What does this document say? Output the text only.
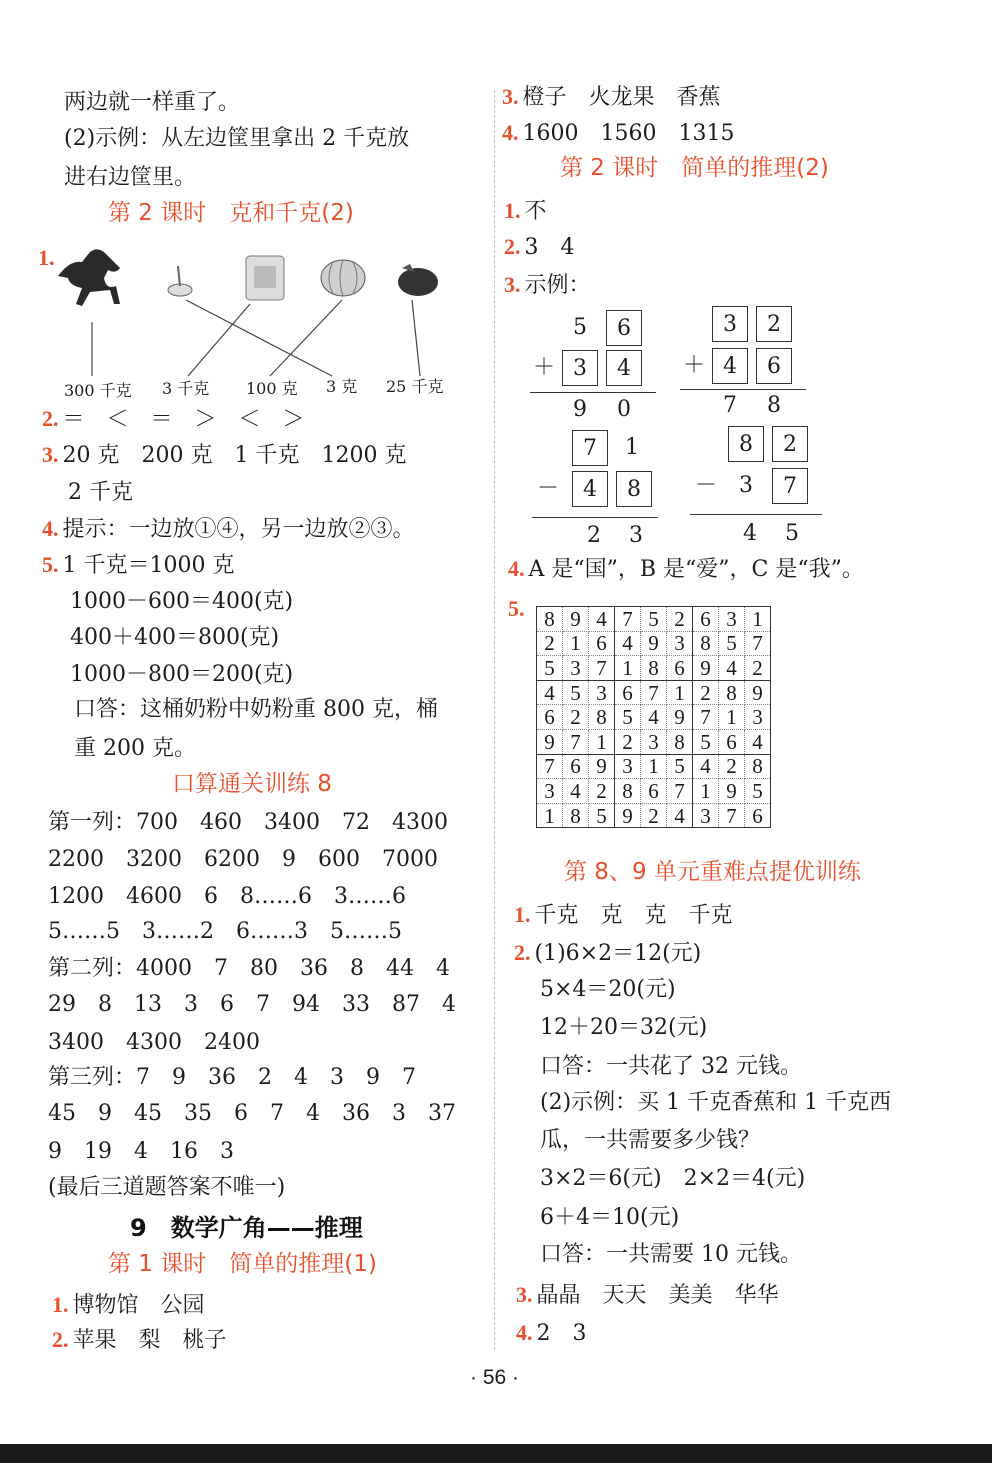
两边就一样重了。
(2)示例：从左边筐里拿出 2 千克放
进右边筐里。
第 2 课时　克和千克(2)
1.
300 千克 3 千克 100 克 3 克 25 千克
2. ＝　＜　＝　＞　＜　＞
3. 20 克　200 克　1 千克　1200 克
2 千克
4. 提示：一边放①④，另一边放②③。
5. 1 千克＝1000 克
1000－600＝400(克)
400＋400＝800(克)
1000－800＝200(克)
口答：这桶奶粉中奶粉重 800 克，桶
重 200 克。
口算通关训练 8
第一列：700　460　3400　72　4300
2200　3200　6200　9　600　7000
1200　4600　6　8……6　3……6
5……5　3……2　6……3　5……5
第二列：4000　7　80　36　8　44　4
29　8　13　3　6　7　94　33　87　4
3400　4300　2400
第三列：7　9　36　2　4　3　9　7
45　9　45　35　6　7　4　36　3　37
9　19　4　16　3
(最后三道题答案不唯一)
9　数学广角——推理
第 1 课时　简单的推理(1)
1. 博物馆　公园
2. 苹果　梨　桃子
3. 橙子　火龙果　香蕉
4. 1600　1560　1315
第 2 课时　简单的推理(2)
1. 不
2. 3　4
3. 示例：
5	6
＋ 3	4
9	0
3	2
＋ 4	6
7	8
7	1
－	4	8
2	3
8	2
－	3	7
4	5
4. A 是“国”，B 是“爱”，C 是“我”。
5. 8	9	4	7	5	2	6	3	1
2	1	6	4	9	3	8	5	7
5	3	7	1	8	6	9	4	2
4	5	3	6	7	1	2	8	9
6	2	8	5	4	9	7	1	3
9	7	1	2	3	8	5	6	4
7	6	9	3	1	5	4	2	8
3	4	2	8	6	7	1	9	5
1	8	5	9	2	4	3	7	6
第 8、9 单元重难点提优训练
1. 千克　克　克　千克
2. (1)6×2＝12(元)
5×4＝20(元)
12＋20＝32(元)
口答：一共花了 32 元钱。
(2)示例：买 1 千克香蕉和 1 千克西
瓜，一共需要多少钱？
3×2＝6(元)　2×2＝4(元)
6＋4＝10(元)
口答：一共需要 10 元钱。
3. 晶晶　天天　美美　华华
4. 2　3
· 56 ·
